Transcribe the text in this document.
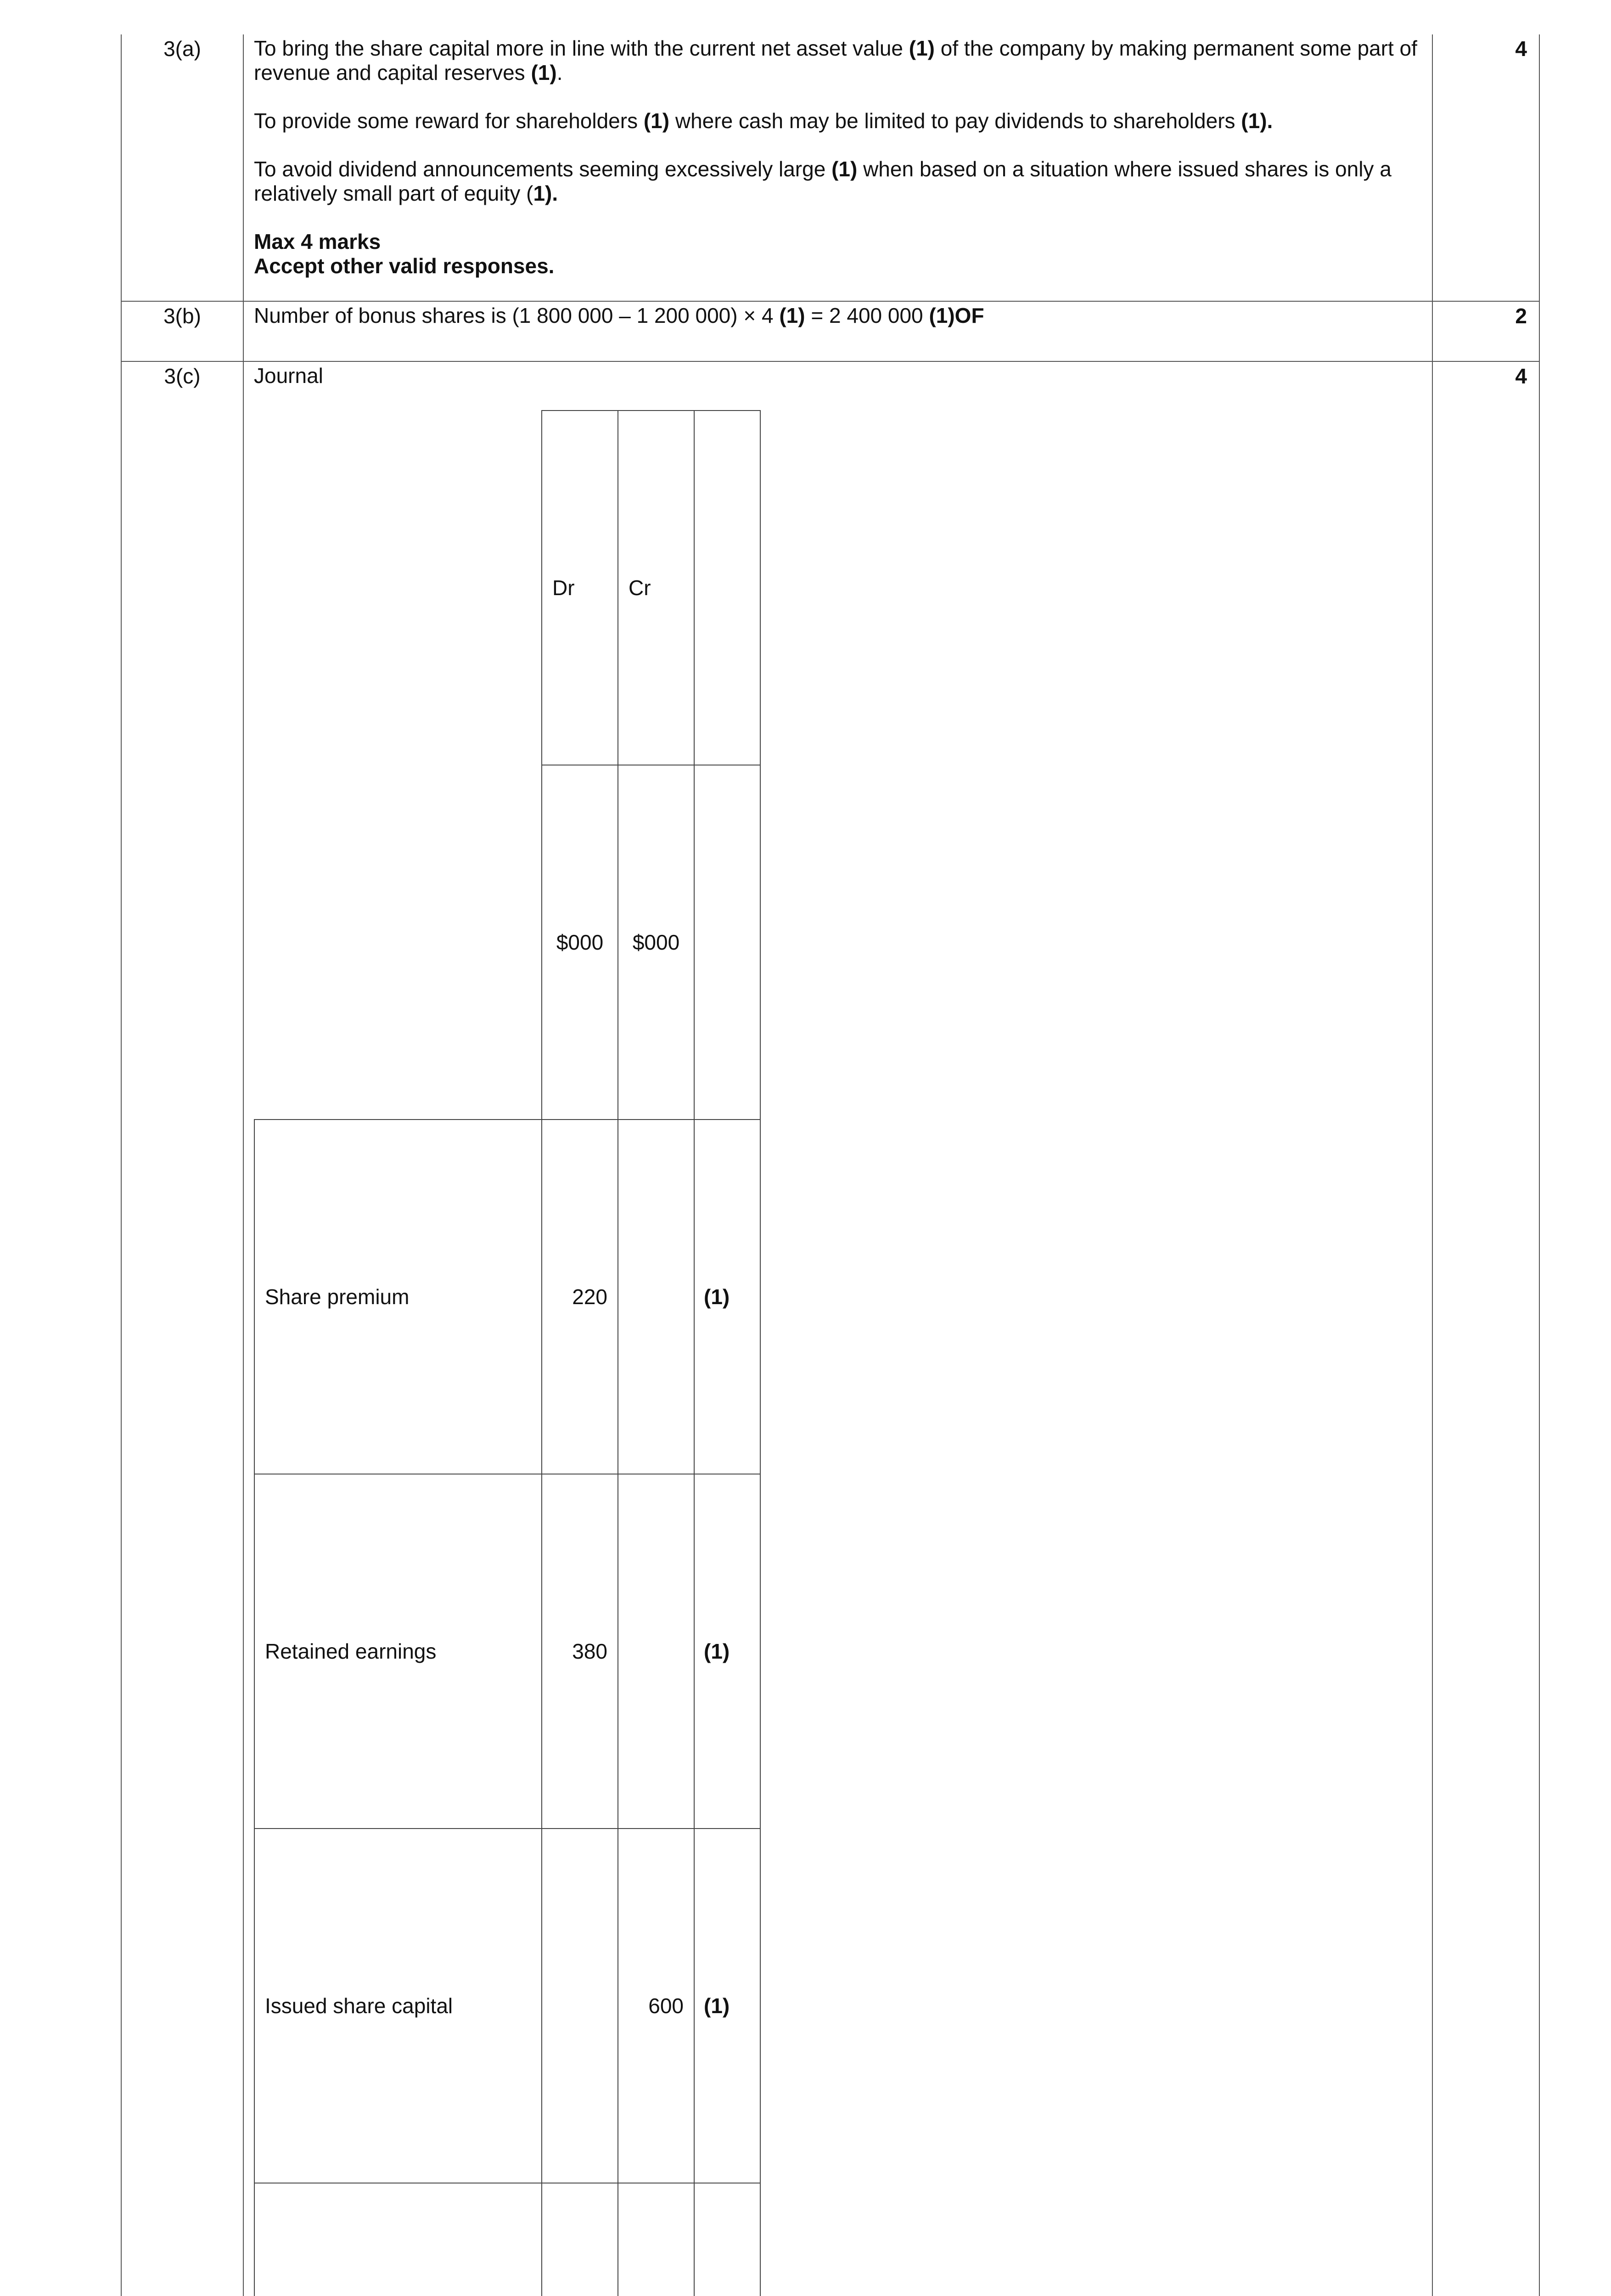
3(a)	To bring the share capital more in line with the current net asset value (1) of the company by making permanent some part of revenue and capital reserves (1).

To provide some reward for shareholders (1) where cash may be limited to pay dividends to shareholders (1).

To avoid dividend announcements seeming excessively large (1) when based on a situation where issued shares is only a relatively small part of equity (1).

Max 4 marks

Accept other valid responses.

	4
3(b)	Number of bonus shares is (1 800 000 – 1 200 000) × 4 (1) = 2 400 000 (1)OF	2
3(c)	Journal

	Dr	Cr	
	$000	$000	
Share premium	220		(1)
Retained earnings	380		(1)
Issued share capital		600	(1)

	4
